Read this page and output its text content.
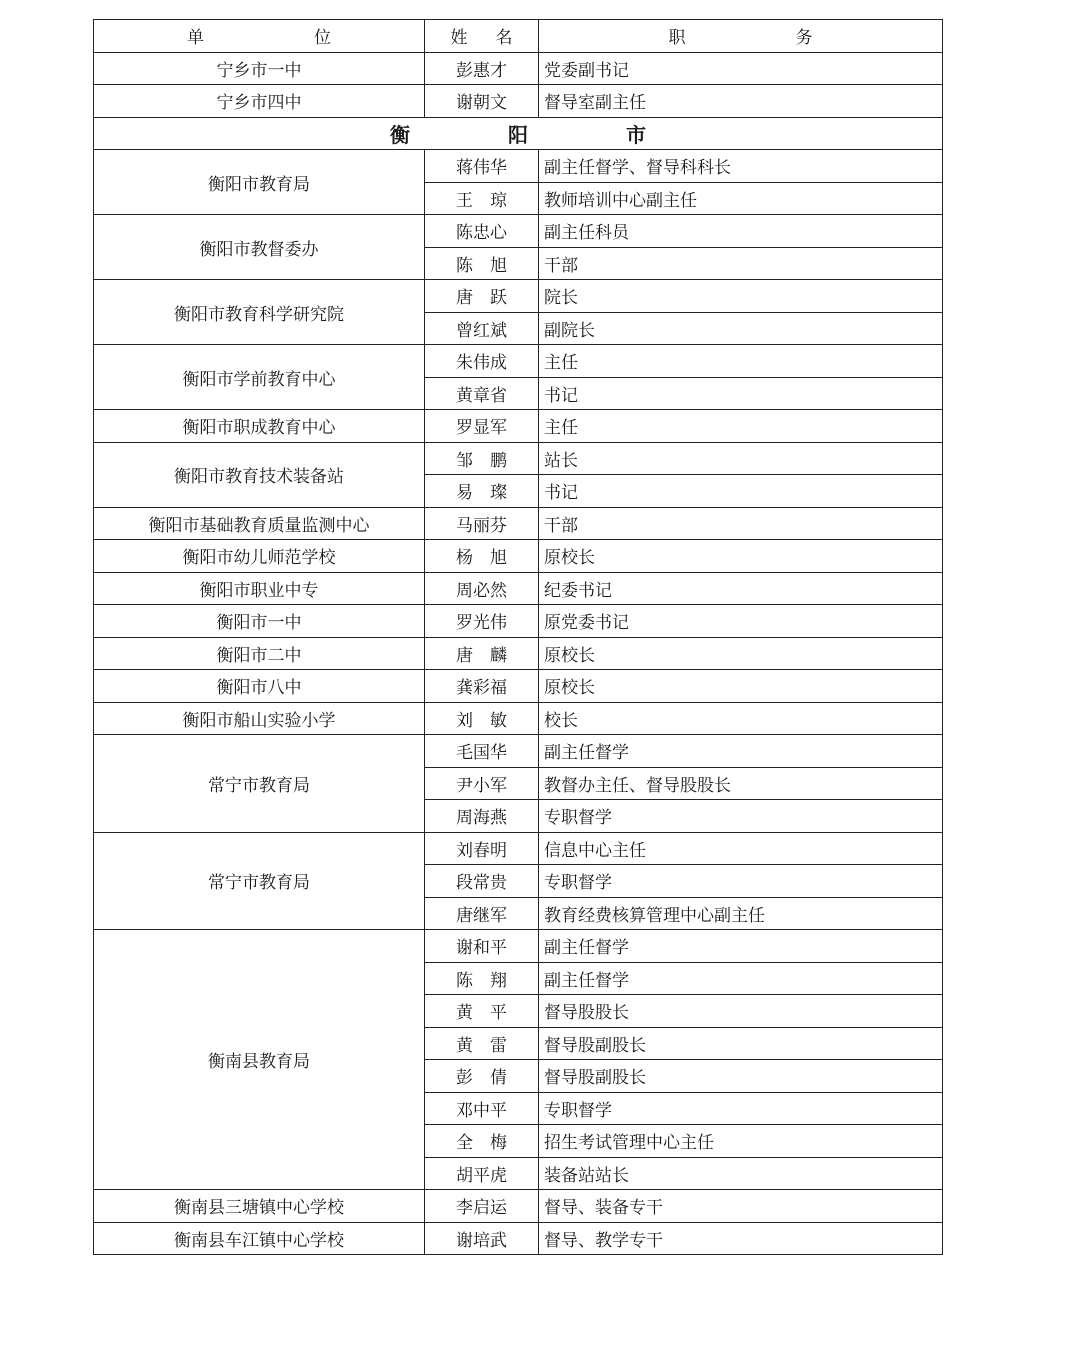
单 位	姓 名	职 务
宁乡市一中	彭惠才	党委副书记
宁乡市四中	谢朝文	督导室副主任
衡 阳 市		
衡阳市教育局	蒋伟华	副主任督学、督导科科长
	王　琼	教师培训中心副主任
衡阳市教督委办	陈忠心	副主任科员
	陈　旭	干部
衡阳市教育科学研究院	唐　跃	院长
	曾红斌	副院长
衡阳市学前教育中心	朱伟成	主任
	黄章省	书记
衡阳市职成教育中心	罗显军	主任
衡阳市教育技术装备站	邹　鹏	站长
	易　璨	书记
衡阳市基础教育质量监测中心	马丽芬	干部
衡阳市幼儿师范学校	杨　旭	原校长
衡阳市职业中专	周必然	纪委书记
衡阳市一中	罗光伟	原党委书记
衡阳市二中	唐　麟	原校长
衡阳市八中	龚彩福	原校长
衡阳市船山实验小学	刘　敏	校长
常宁市教育局	毛国华	副主任督学
	尹小军	教督办主任、督导股股长
	周海燕	专职督学
常宁市教育局	刘春明	信息中心主任
	段常贵	专职督学
	唐继军	教育经费核算管理中心副主任
衡南县教育局	谢和平	副主任督学
	陈　翔	副主任督学
	黄　平	督导股股长
	黄　雷	督导股副股长
	彭　倩	督导股副股长
	邓中平	专职督学
	全　梅	招生考试管理中心主任
	胡平虎	装备站站长
衡南县三塘镇中心学校	李启运	督导、装备专干
衡南县车江镇中心学校	谢培武	督导、教学专干
